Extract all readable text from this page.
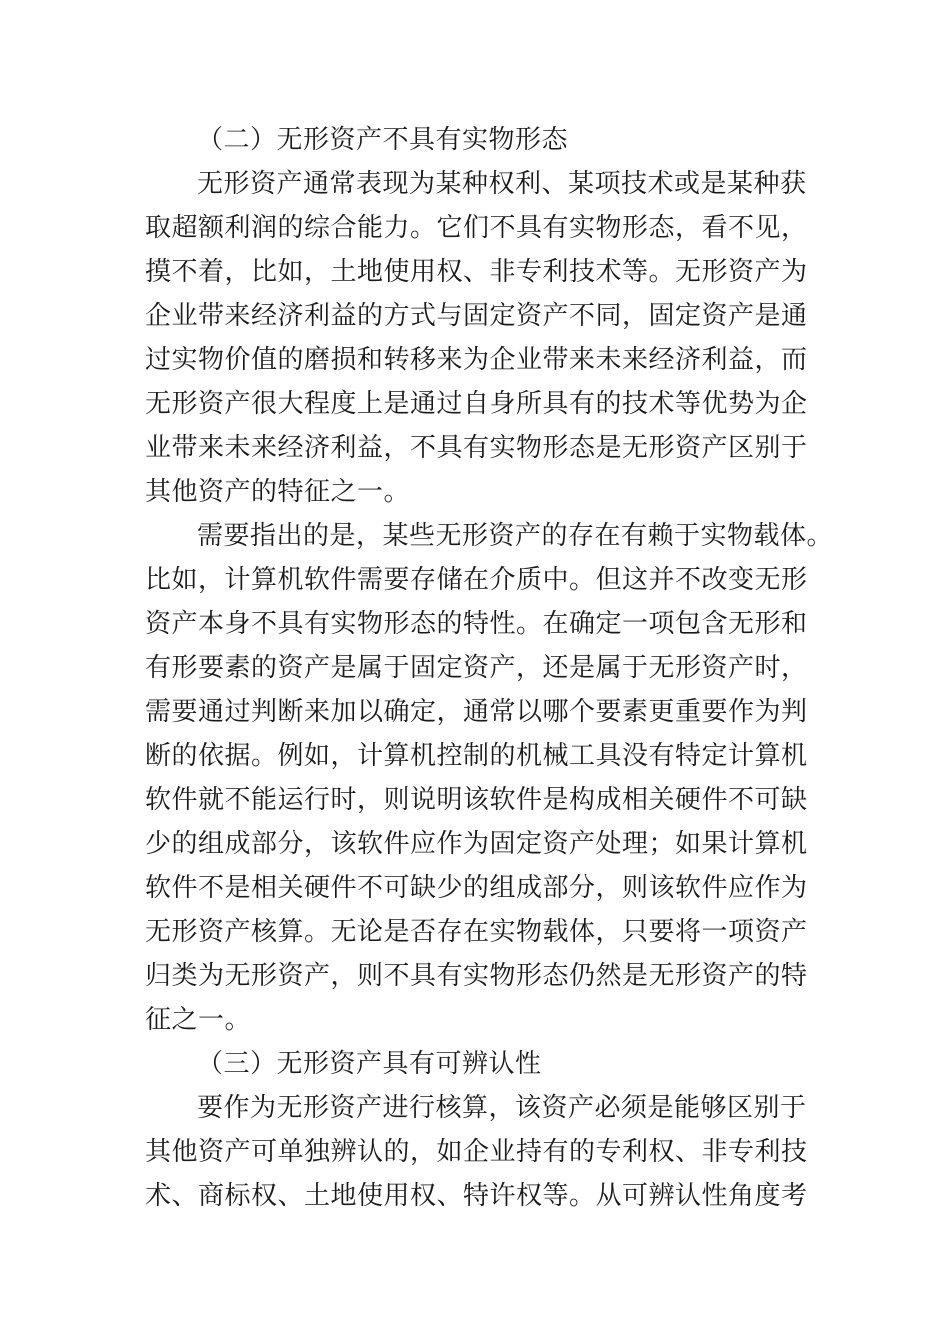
（二）无形资产不具有实物形态
无形资产通常表现为某种权利、某项技术或是某种获
取超额利润的综合能力。它们不具有实物形态，看不见，
摸不着，比如，土地使用权、非专利技术等。无形资产为
企业带来经济利益的方式与固定资产不同，固定资产是通
过实物价值的磨损和转移来为企业带来未来经济利益，而
无形资产很大程度上是通过自身所具有的技术等优势为企
业带来未来经济利益，不具有实物形态是无形资产区别于
其他资产的特征之一。
需要指出的是，某些无形资产的存在有赖于实物载体。
比如，计算机软件需要存储在介质中。但这并不改变无形
资产本身不具有实物形态的特性。在确定一项包含无形和
有形要素的资产是属于固定资产，还是属于无形资产时，
需要通过判断来加以确定，通常以哪个要素更重要作为判
断的依据。例如，计算机控制的机械工具没有特定计算机
软件就不能运行时，则说明该软件是构成相关硬件不可缺
少的组成部分，该软件应作为固定资产处理；如果计算机
软件不是相关硬件不可缺少的组成部分，则该软件应作为
无形资产核算。无论是否存在实物载体，只要将一项资产
归类为无形资产，则不具有实物形态仍然是无形资产的特
征之一。
（三）无形资产具有可辨认性
要作为无形资产进行核算，该资产必须是能够区别于
其他资产可单独辨认的，如企业持有的专利权、非专利技
术、商标权、土地使用权、特许权等。从可辨认性角度考
